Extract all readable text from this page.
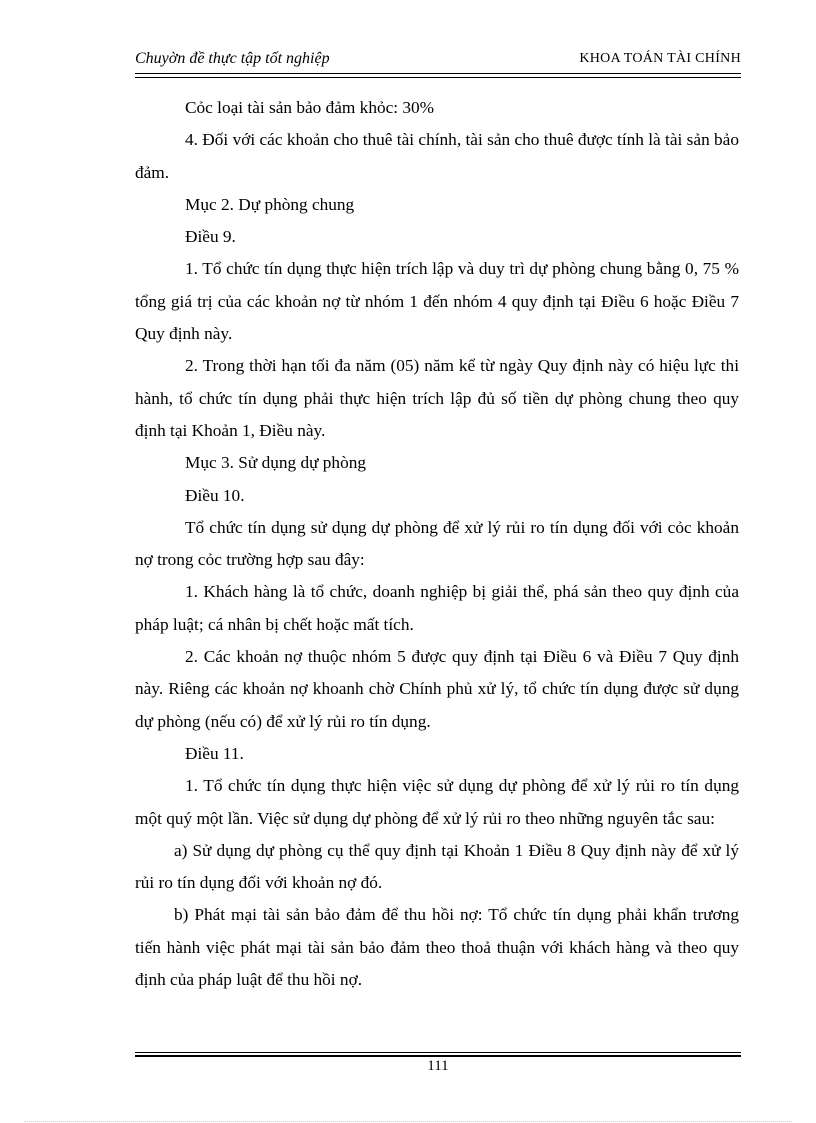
Chuyờn đề thực tập tốt nghiệp	KHOA TOÁN TÀI CHÍNH

Cỏc loại tài sản bảo đảm khỏc: 30%

4. Đối với các khoản cho thuê tài chính, tài sản cho thuê được tính là tài sản bảo đảm.

Mục 2. Dự phòng chung

Điều 9.

1. Tổ chức tín dụng thực hiện trích lập và duy trì dự phòng chung bằng 0, 75 % tổng giá trị của các khoản nợ từ nhóm 1 đến nhóm 4 quy định tại Điều 6 hoặc Điều 7 Quy định này.

2. Trong thời hạn tối đa năm (05) năm kể từ ngày Quy định này có hiệu lực thi hành, tổ chức tín dụng phải thực hiện trích lập đủ số tiền dự phòng chung theo quy định tại Khoản 1, Điều này.

Mục 3. Sử dụng dự phòng

Điều 10.

Tổ chức tín dụng sử dụng dự phòng để xử lý rủi ro tín dụng đối với cỏc khoản nợ trong cỏc trường hợp sau đây:

1. Khách hàng là tổ chức, doanh nghiệp bị giải thể, phá sản theo quy định của pháp luật; cá nhân bị chết hoặc mất tích.

2. Các khoản nợ thuộc nhóm 5 được quy định tại Điều 6 và Điều 7 Quy định này. Riêng các khoản nợ khoanh chờ Chính phủ xử lý, tổ chức tín dụng được sử dụng dự phòng (nếu có) để xử lý rủi ro tín dụng.

Điều 11.

1. Tổ chức tín dụng thực hiện việc sử dụng dự phòng để xử lý rủi ro tín dụng một quý một lần. Việc sử dụng dự phòng để xử lý rủi ro theo những nguyên tắc sau:

a) Sử dụng dự phòng cụ thể quy định tại Khoản 1 Điều 8 Quy định này để xử lý rủi ro tín dụng đối với khoản nợ đó.

b) Phát mại tài sản bảo đảm để thu hồi nợ: Tổ chức tín dụng phải khẩn trương tiến hành việc phát mại tài sản bảo đảm theo thoả thuận với khách hàng và theo quy định của pháp luật để thu hồi nợ.

111
